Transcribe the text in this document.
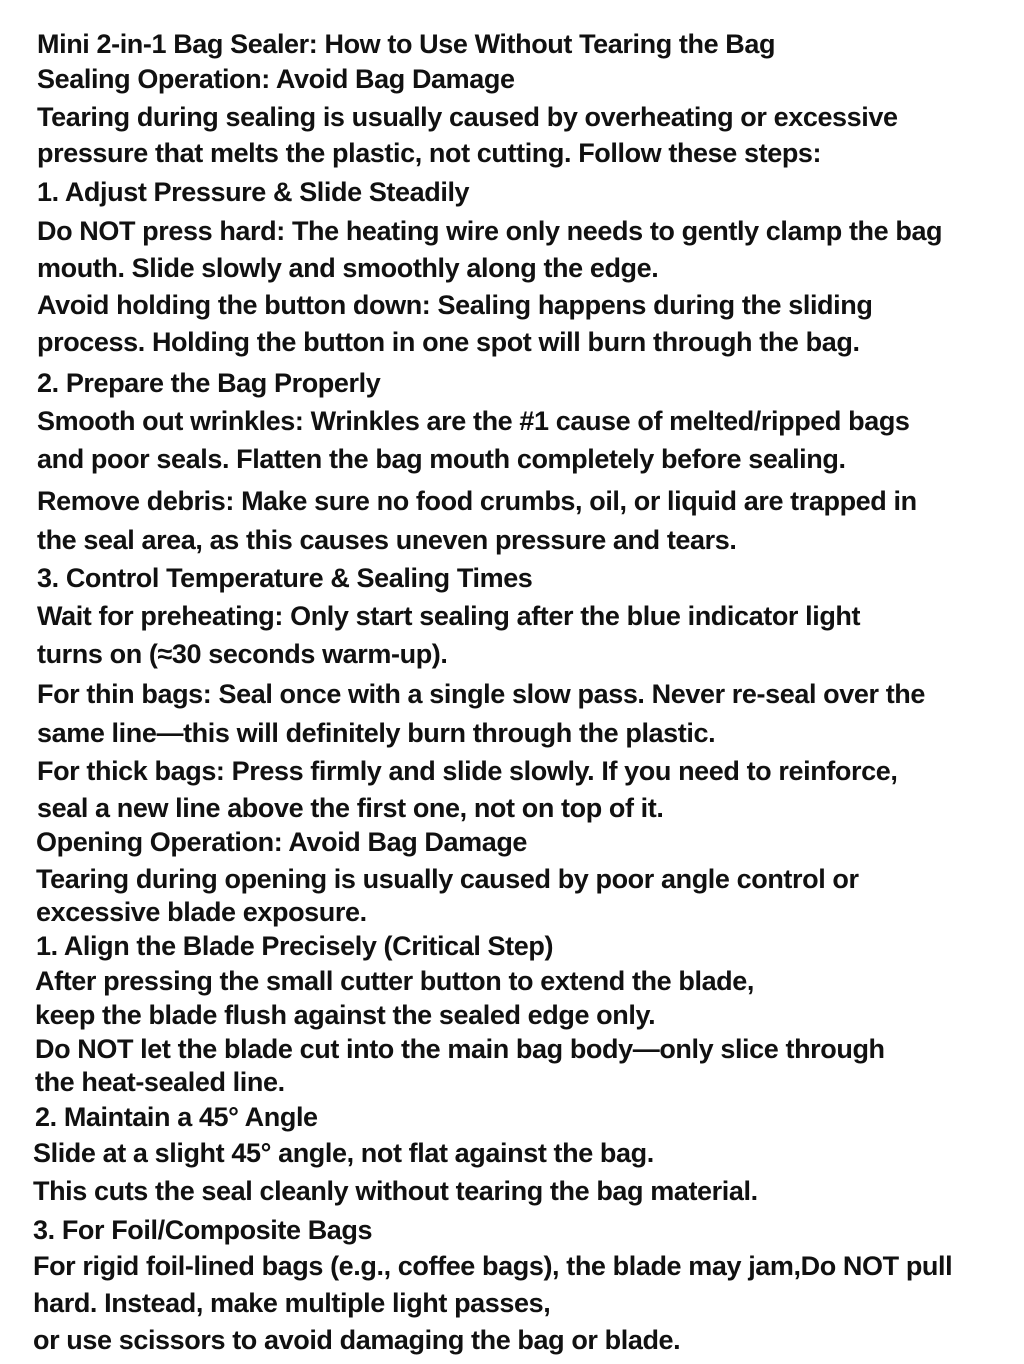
Mini 2-in-1 Bag Sealer: How to Use Without Tearing the Bag
Sealing Operation: Avoid Bag Damage
Tearing during sealing is usually caused by overheating or excessive
pressure that melts the plastic, not cutting. Follow these steps:
1. Adjust Pressure & Slide Steadily
Do NOT press hard: The heating wire only needs to gently clamp the bag
mouth. Slide slowly and smoothly along the edge.
Avoid holding the button down: Sealing happens during the sliding
process. Holding the button in one spot will burn through the bag.
2. Prepare the Bag Properly
Smooth out wrinkles: Wrinkles are the #1 cause of melted/ripped bags
and poor seals. Flatten the bag mouth completely before sealing.
Remove debris: Make sure no food crumbs, oil, or liquid are trapped in
the seal area, as this causes uneven pressure and tears.
3. Control Temperature & Sealing Times
Wait for preheating: Only start sealing after the blue indicator light
turns on (≈30 seconds warm-up).
For thin bags: Seal once with a single slow pass. Never re-seal over the
same line—this will definitely burn through the plastic.
For thick bags: Press firmly and slide slowly. If you need to reinforce,
seal a new line above the first one, not on top of it.
Opening Operation: Avoid Bag Damage
Tearing during opening is usually caused by poor angle control or
excessive blade exposure.
1. Align the Blade Precisely (Critical Step)
After pressing the small cutter button to extend the blade,
keep the blade flush against the sealed edge only.
Do NOT let the blade cut into the main bag body—only slice through
the heat-sealed line.
2. Maintain a 45° Angle
Slide at a slight 45° angle, not flat against the bag.
This cuts the seal cleanly without tearing the bag material.
3. For Foil/Composite Bags
For rigid foil-lined bags (e.g., coffee bags), the blade may jam,Do NOT pull
hard. Instead, make multiple light passes,
or use scissors to avoid damaging the bag or blade.
